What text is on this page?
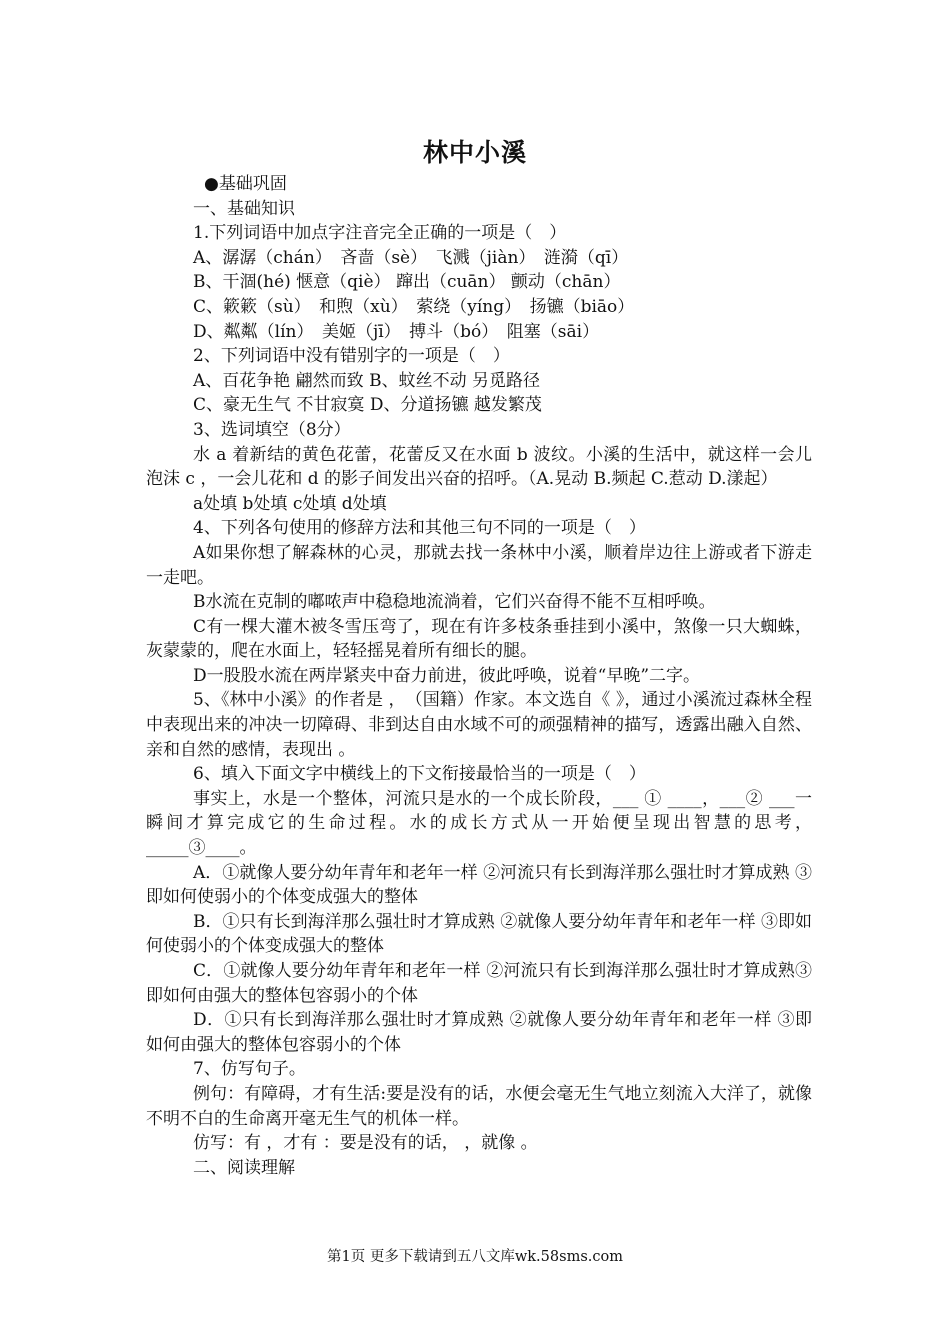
林中小溪

●基础巩固

一、基础知识

1.下列词语中加点字注音完全正确的一项是（　）

A、潺潺（chán）　吝啬（sè）　飞溅（jiàn）　涟漪（qī）

B、干涸(hé) 惬意（qiè） 蹿出（cuān） 颤动（chān）

C、簌簌（sù）　和煦（xù）　萦绕（yíng）　扬镳（biāo）

D、粼粼（lín）　美姬（jī）　搏斗（bó）　阻塞（sāi）

2、下列词语中没有错别字的一项是（　）

A、百花争艳 翩然而致 B、蚊丝不动 另觅路径

C、豪无生气 不甘寂寞 D、分道扬镳 越发繁茂

3、选词填空（8分）

水 a 着新结的黄色花蕾，花蕾反又在水面 b 波纹。小溪的生活中，就这样一会儿泡沫 c ，一会儿花和 d 的影子间发出兴奋的招呼。（A.晃动 B.频起 C.惹动 D.漾起）

a处填 b处填 c处填 d处填

4、下列各句使用的修辞方法和其他三句不同的一项是（　）

A如果你想了解森林的心灵，那就去找一条林中小溪，顺着岸边往上游或者下游走一走吧。

B水流在克制的嘟哝声中稳稳地流淌着，它们兴奋得不能不互相呼唤。

C有一棵大灌木被冬雪压弯了，现在有许多枝条垂挂到小溪中，煞像一只大蜘蛛，灰蒙蒙的，爬在水面上，轻轻摇晃着所有细长的腿。

D一股股水流在两岸紧夹中奋力前进，彼此呼唤，说着“早晚”二字。

5、《林中小溪》的作者是 ，　（国籍）作家。本文选自《 》，通过小溪流过森林全程中表现出来的冲决一切障碍、非到达自由水域不可的顽强精神的描写，透露出融入自然、亲和自然的感情，表现出 。

6、填入下面文字中横线上的下文衔接最恰当的一项是（　）

事实上，水是一个整体，河流只是水的一个成长阶段，___ ① ____，___② ___一瞬间才算完成它的生命过程。水的成长方式从一开始便呈现出智慧的思考，_____③____。

A．①就像人要分幼年青年和老年一样 ②河流只有长到海洋那么强壮时才算成熟 ③即如何使弱小的个体变成强大的整体

B．①只有长到海洋那么强壮时才算成熟 ②就像人要分幼年青年和老年一样 ③即如何使弱小的个体变成强大的整体

C．①就像人要分幼年青年和老年一样 ②河流只有长到海洋那么强壮时才算成熟③即如何由强大的整体包容弱小的个体

D．①只有长到海洋那么强壮时才算成熟 ②就像人要分幼年青年和老年一样 ③即如何由强大的整体包容弱小的个体

7、仿写句子。

例句：有障碍，才有生活:要是没有的话，水便会毫无生气地立刻流入大洋了，就像不明不白的生命离开毫无生气的机体一样。

仿写：有 ，才有 ：要是没有的话， ，就像 。

二、阅读理解

第1页 更多下载请到五八文库wk.58sms.com
